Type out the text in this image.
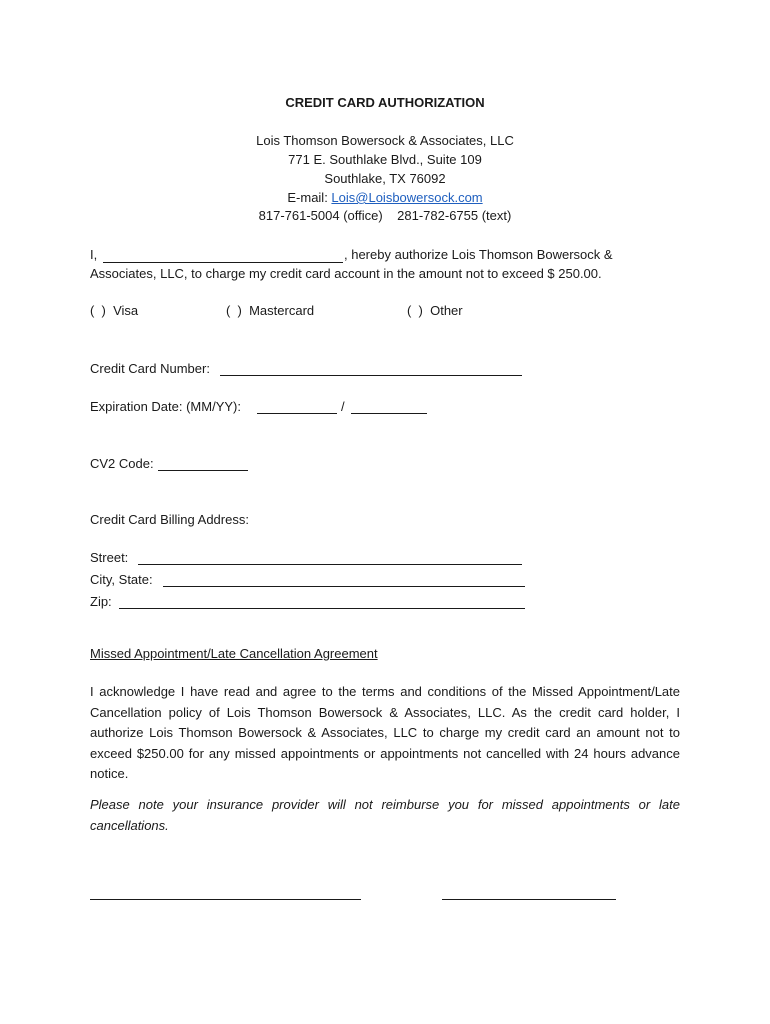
CREDIT CARD AUTHORIZATION
Lois Thomson Bowersock & Associates, LLC
771 E. Southlake Blvd., Suite 109
Southlake, TX 76092
E-mail: Lois@Loisbowersock.com
817-761-5004 (office)    281-782-6755 (text)
I,	, hereby authorize Lois Thomson Bowersock &
Associates, LLC, to charge my credit card account in the amount not to exceed $ 250.00.
(  )  Visa	(  )  Mastercard	(  )  Other
Credit Card Number:
Expiration Date: (MM/YY):	/
CV2 Code:
Credit Card Billing Address:
Street:
City, State:
Zip:
Missed Appointment/Late Cancellation Agreement
I acknowledge I have read and agree to the terms and conditions of the Missed Appointment/Late Cancellation policy of Lois Thomson Bowersock & Associates, LLC. As the credit card holder, I authorize Lois Thomson Bowersock & Associates, LLC to charge my credit card an amount not to exceed $250.00 for any missed appointments or appointments not cancelled with 24 hours advance notice.
Please note your insurance provider will not reimburse you for missed appointments or late cancellations.
